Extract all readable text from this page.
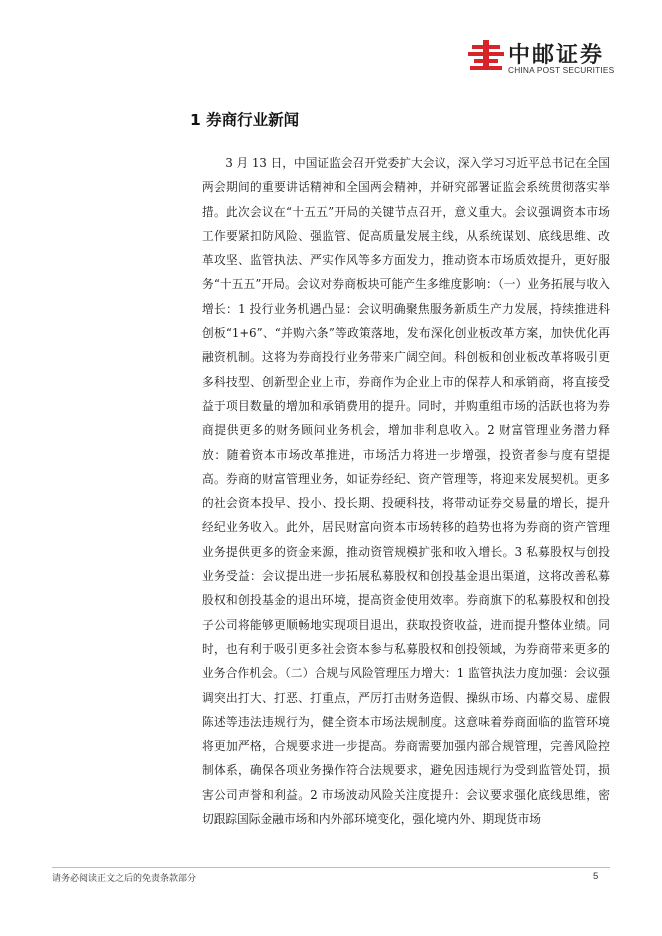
中邮证券
CHINA POST SECURITIES
1 券商行业新闻

3 月 13 日，中国证监会召开党委扩大会议，深入学习习近平总书记在全国两会期间的重要讲话精神和全国两会精神，并研究部署证监会系统贯彻落实举措。此次会议在“十五五”开局的关键节点召开，意义重大。会议强调资本市场工作要紧扣防风险、强监管、促高质量发展主线，从系统谋划、底线思维、改革攻坚、监管执法、严实作风等多方面发力，推动资本市场质效提升，更好服务“十五五”开局。会议对券商板块可能产生多维度影响：（一）业务拓展与收入增长：1 投行业务机遇凸显：会议明确聚焦服务新质生产力发展，持续推进科创板“1+6”、“并购六条”等政策落地，发布深化创业板改革方案，加快优化再融资机制。这将为券商投行业务带来广阔空间。科创板和创业板改革将吸引更多科技型、创新型企业上市，券商作为企业上市的保荐人和承销商，将直接受益于项目数量的增加和承销费用的提升。同时，并购重组市场的活跃也将为券商提供更多的财务顾问业务机会，增加非利息收入。2 财富管理业务潜力释放：随着资本市场改革推进，市场活力将进一步增强，投资者参与度有望提高。券商的财富管理业务，如证券经纪、资产管理等，将迎来发展契机。更多的社会资本投早、投小、投长期、投硬科技，将带动证券交易量的增长，提升经纪业务收入。此外，居民财富向资本市场转移的趋势也将为券商的资产管理业务提供更多的资金来源，推动资管规模扩张和收入增长。3 私募股权与创投业务受益：会议提出进一步拓展私募股权和创投基金退出渠道，这将改善私募股权和创投基金的退出环境，提高资金使用效率。券商旗下的私募股权和创投子公司将能够更顺畅地实现项目退出，获取投资收益，进而提升整体业绩。同时，也有利于吸引更多社会资本参与私募股权和创投领域，为券商带来更多的业务合作机会。（二）合规与风险管理压力增大：1 监管执法力度加强：会议强调突出打大、打恶、打重点，严厉打击财务造假、操纵市场、内幕交易、虚假陈述等违法违规行为，健全资本市场法规制度。这意味着券商面临的监管环境将更加严格，合规要求进一步提高。券商需要加强内部合规管理，完善风险控制体系，确保各项业务操作符合法规要求，避免因违规行为受到监管处罚，损害公司声誉和利益。2 市场波动风险关注度提升：会议要求强化底线思维，密切跟踪国际金融市场和内外部环境变化，强化境内外、期现货市场

请务必阅读正文之后的免责条款部分	5
